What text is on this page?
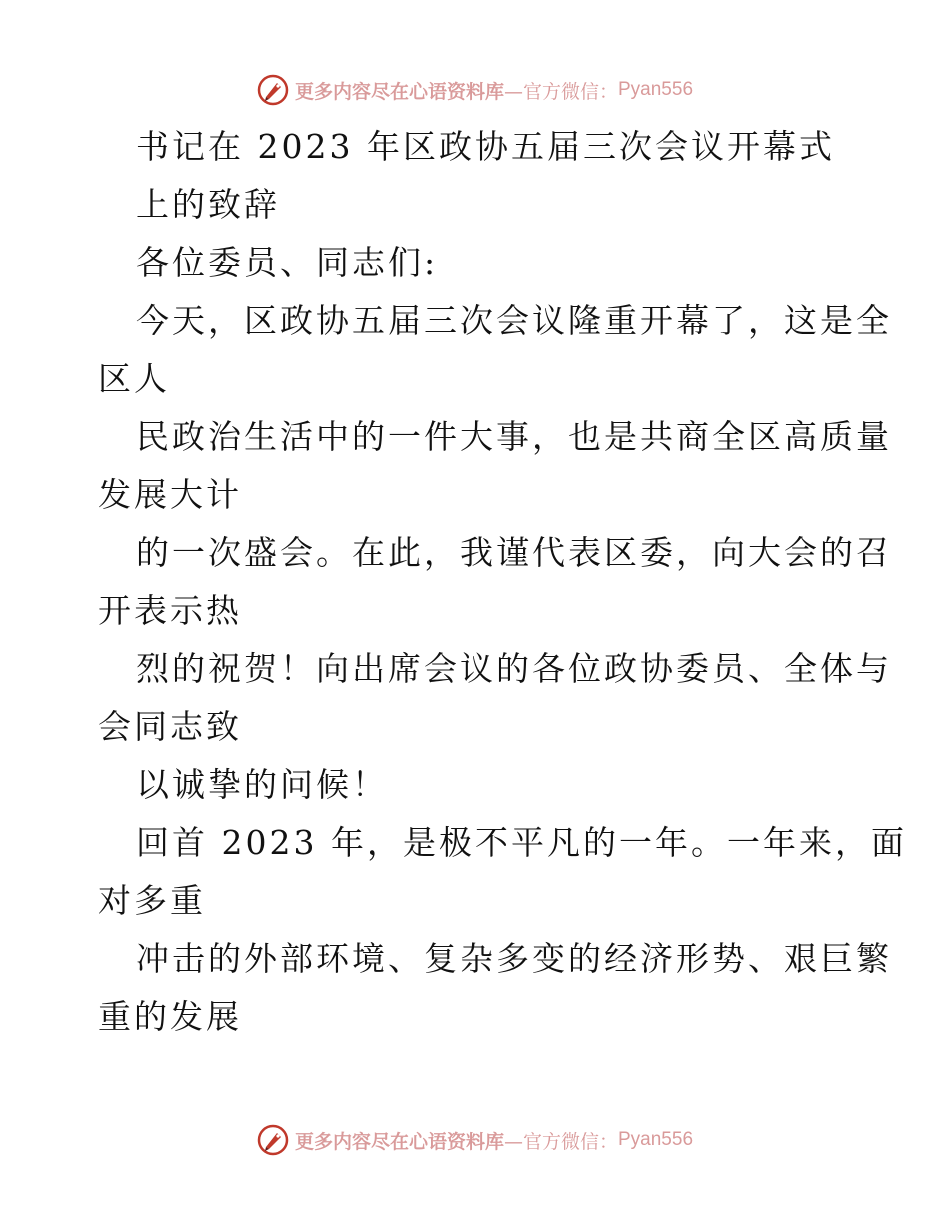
更多内容尽在心语资料库 —官方微信： Pyan556
书记在 2023 年区政协五届三次会议开幕式
上的致辞
各位委员、同志们:
今天，区政协五届三次会议隆重开幕了，这是全
区人
民政治生活中的一件大事，也是共商全区高质量
发展大计
的一次盛会。在此，我谨代表区委，向大会的召
开表示热
烈的祝贺！向出席会议的各位政协委员、全体与
会同志致
以诚挚的问候！
回首 2023 年，是极不平凡的一年。一年来，面
对多重
冲击的外部环境、复杂多变的经济形势、艰巨繁
重的发展
更多内容尽在心语资料库 —官方微信： Pyan556
